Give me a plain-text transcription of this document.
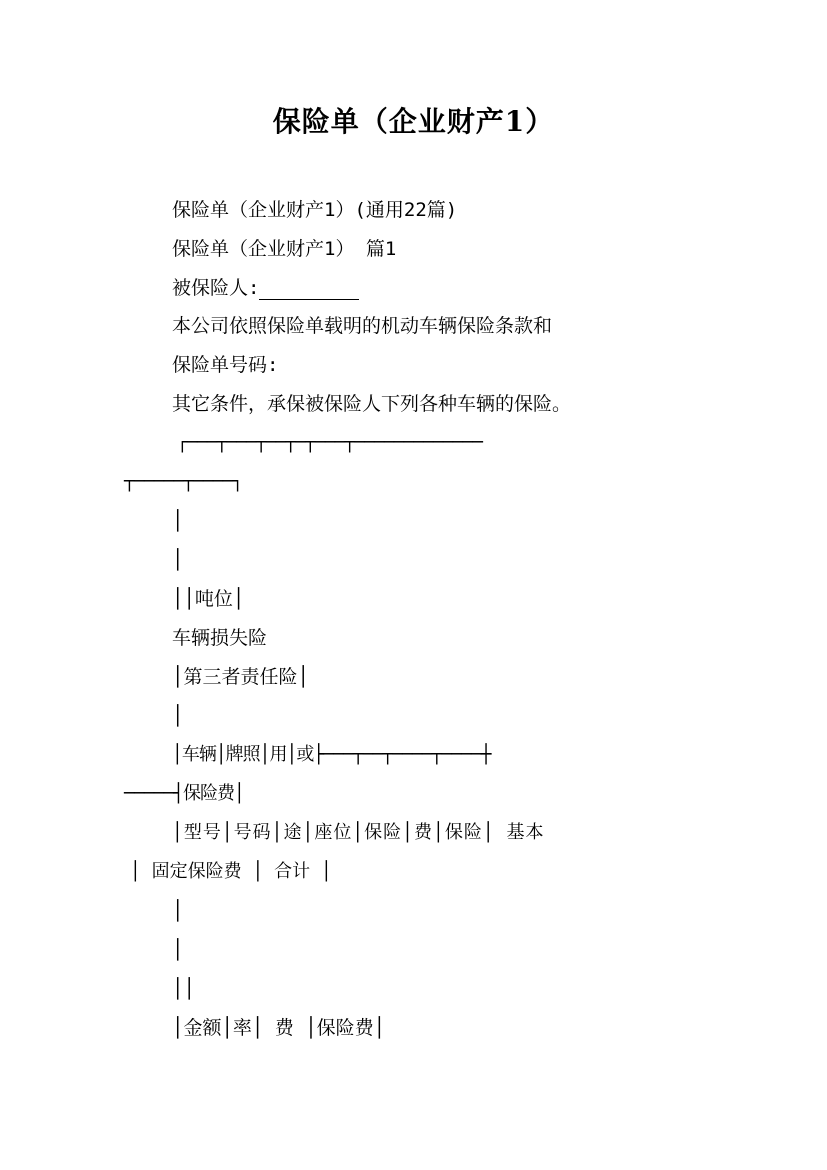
保险单（企业财产1）
保险单（企业财产1）(通用22篇)
保险单（企业财产1） 篇1
被保险人:
本公司依照保险单载明的机动车辆保险条款和
保险单号码:
其它条件，承保被保险人下列各种车辆的保险。
┌───┬───┬──┬─┬───┬─────────────
┬─────┬────┐
│
│
││吨位│
车辆损失险
│第三者责任险│
│
│车辆│牌照│用│或├───┬──┬────┬────┼
─────┤保险费│
│型号│号码│途│座位│保险│费│保险│ 基本
│ 固定保险费 │ 合计 │
│
│
││
│金额│率│ 费 │保险费│
